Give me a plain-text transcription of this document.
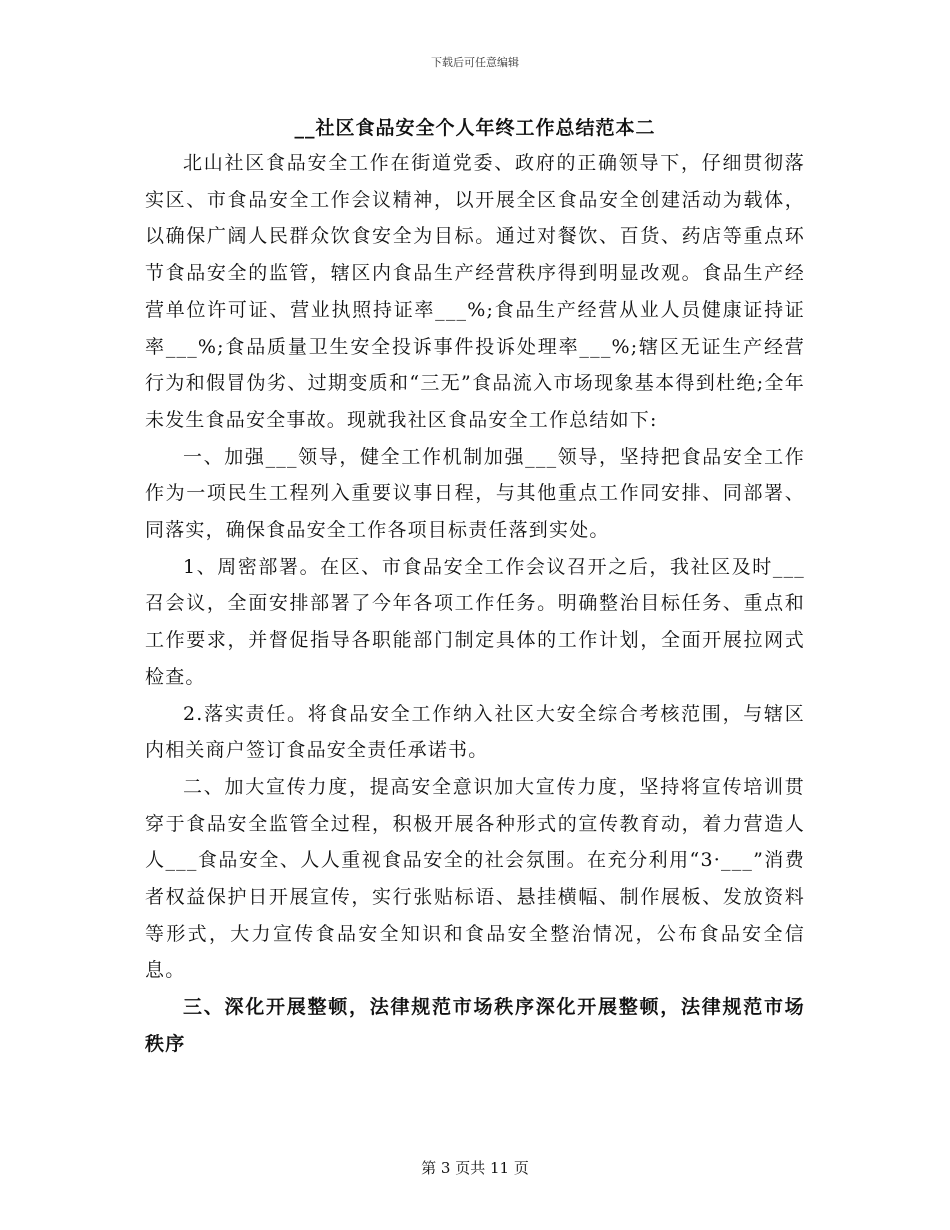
下载后可任意编辑
__社区食品安全个人年终工作总结范本二

北山社区食品安全工作在街道党委、政府的正确领导下，仔细贯彻落实区、市食品安全工作会议精神，以开展全区食品安全创建活动为载体，以确保广阔人民群众饮食安全为目标。通过对餐饮、百货、药店等重点环节食品安全的监管，辖区内食品生产经营秩序得到明显改观。食品生产经营单位许可证、营业执照持证率___%;食品生产经营从业人员健康证持证率___%;食品质量卫生安全投诉事件投诉处理率___%;辖区无证生产经营行为和假冒伪劣、过期变质和“三无”食品流入市场现象基本得到杜绝;全年未发生食品安全事故。现就我社区食品安全工作总结如下:

一、加强___领导，健全工作机制加强___领导，坚持把食品安全工作作为一项民生工程列入重要议事日程，与其他重点工作同安排、同部署、同落实，确保食品安全工作各项目标责任落到实处。

1、周密部署。在区、市食品安全工作会议召开之后，我社区及时___召会议，全面安排部署了今年各项工作任务。明确整治目标任务、重点和工作要求，并督促指导各职能部门制定具体的工作计划，全面开展拉网式检查。

2.落实责任。将食品安全工作纳入社区大安全综合考核范围，与辖区内相关商户签订食品安全责任承诺书。

二、加大宣传力度，提高安全意识加大宣传力度，坚持将宣传培训贯穿于食品安全监管全过程，积极开展各种形式的宣传教育动，着力营造人人___食品安全、人人重视食品安全的社会氛围。在充分利用“3·___”消费者权益保护日开展宣传，实行张贴标语、悬挂横幅、制作展板、发放资料等形式，大力宣传食品安全知识和食品安全整治情况，公布食品安全信息。

三、深化开展整顿，法律规范市场秩序深化开展整顿，法律规范市场秩序

第 3 页共 11 页
